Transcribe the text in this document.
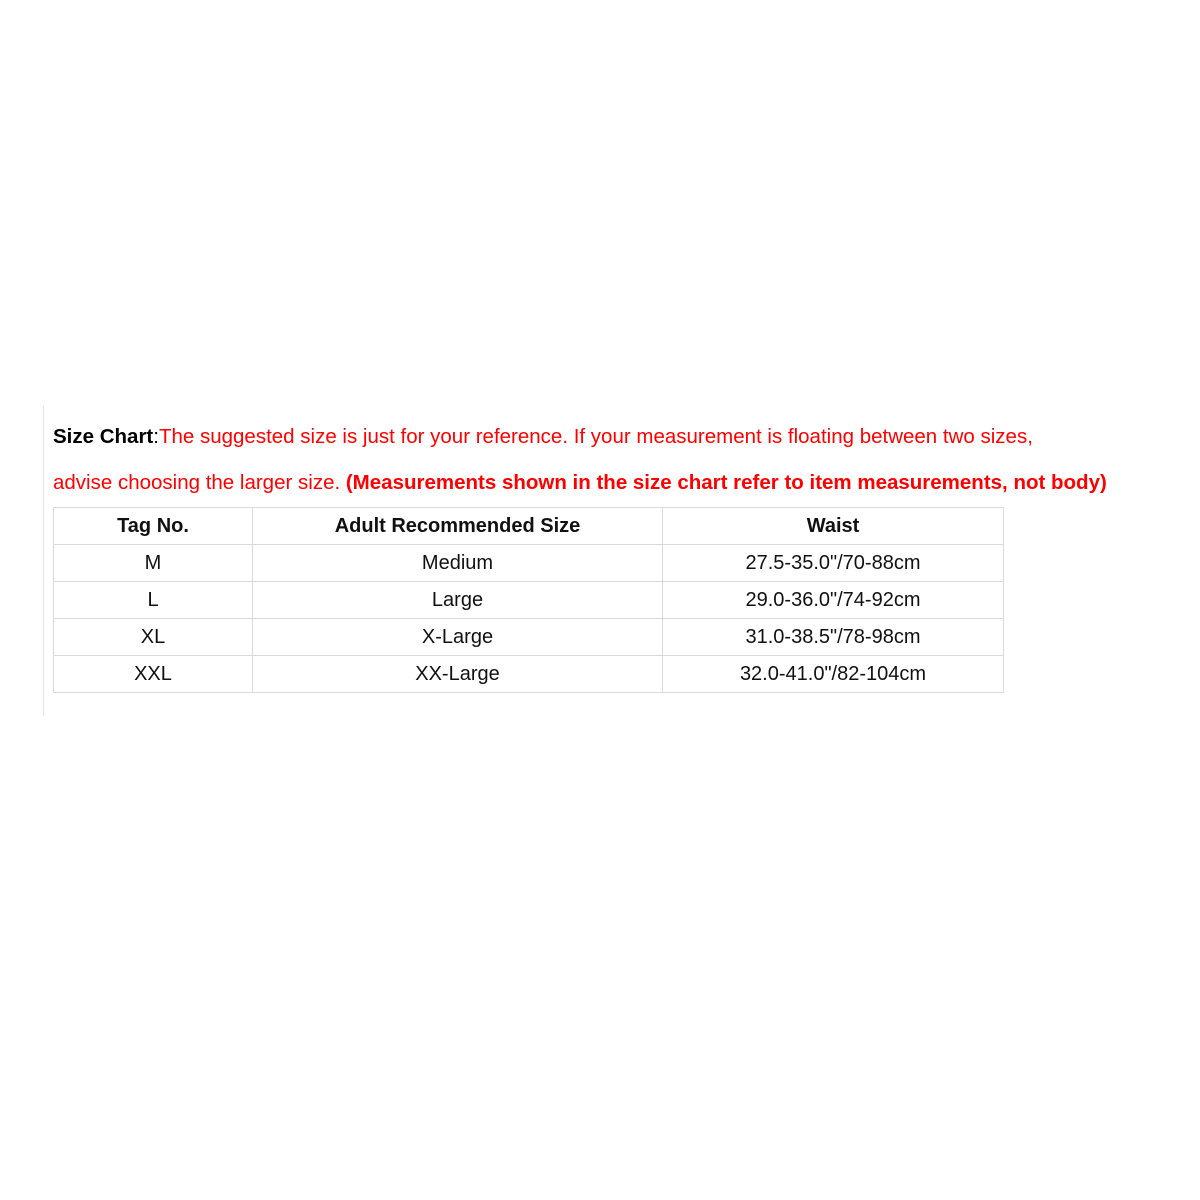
Size Chart:The suggested size is just for your reference. If your measurement is floating between two sizes,
advise choosing the larger size. (Measurements shown in the size chart refer to item measurements, not body)

Tag No.	Adult Recommended Size	Waist
M	Medium	27.5-35.0"/70-88cm
L	Large	29.0-36.0"/74-92cm
XL	X-Large	31.0-38.5"/78-98cm
XXL	XX-Large	32.0-41.0"/82-104cm
